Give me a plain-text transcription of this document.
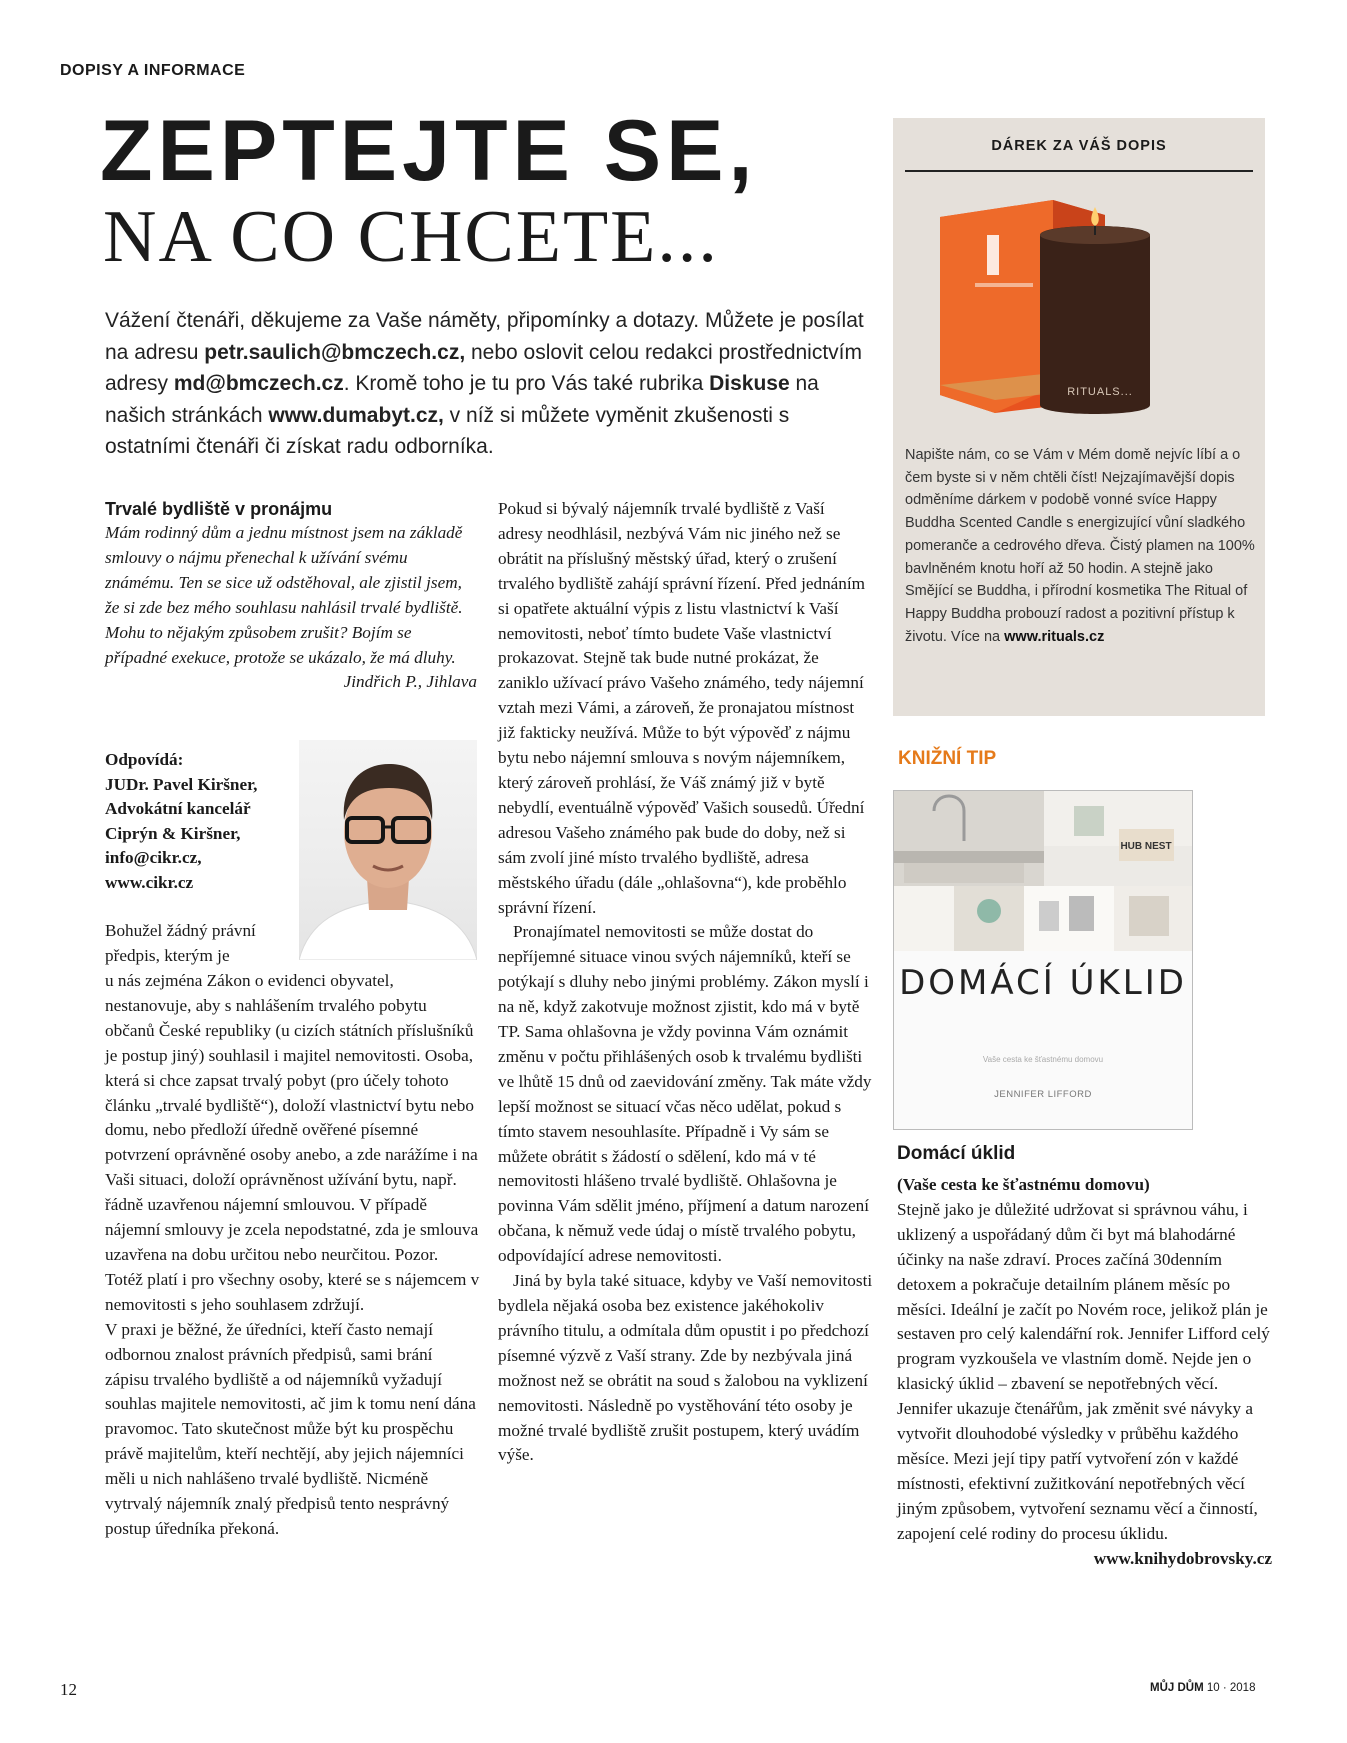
DOPISY A INFORMACE
ZEPTEJTE SE,
NA CO CHCETE...
Vážení čtenáři, děkujeme za Vaše náměty, připomínky a dotazy. Můžete je posílat na adresu petr.saulich@bmczech.cz, nebo oslovit celou redakci prostřednictvím adresy md@bmczech.cz. Kromě toho je tu pro Vás také rubrika Diskuse na našich stránkách www.dumabyt.cz, v níž si můžete vyměnit zkušenosti s ostatními čtenáři či získat radu odborníka.

Trvalé bydliště v pronájmu

Mám rodinný dům a jednu místnost jsem na základě smlouvy o nájmu přenechal k užívání svému známému. Ten se sice už odstěhoval, ale zjistil jsem, že si zde bez mého souhlasu nahlásil trvalé bydliště. Mohu to nějakým způsobem zrušit? Bojím se případné exekuce, protože se ukázalo, že má dluhy.

Jindřich P., Jihlava

Odpovídá:

JUDr. Pavel Kiršner,

Advokátní kancelář

Ciprýn & Kiršner,

info@cikr.cz,

www.cikr.cz

Bohužel žádný právní předpis, kterým je

u nás zejména Zákon o evidenci obyvatel, nestanovuje, aby s nahlášením trvalého pobytu občanů České republiky (u cizích státních příslušníků je postup jiný) souhlasil i majitel nemovitosti. Osoba, která si chce zapsat trvalý pobyt (pro účely tohoto článku „trvalé bydliště“), doloží vlastnictví bytu nebo domu, nebo předloží úředně ověřené písemné potvrzení oprávněné osoby anebo, a zde narážíme i na Vaši situaci, doloží oprávněnost užívání bytu, např. řádně uzavřenou nájemní smlouvou. V případě nájemní smlouvy je zcela nepodstatné, zda je smlouva uzavřena na dobu určitou nebo neurčitou. Pozor. Totéž platí i pro všechny osoby, které se s nájemcem v nemovitosti s jeho souhlasem zdržují.

V praxi je běžné, že úředníci, kteří často nemají odbornou znalost právních předpisů, sami brání zápisu trvalého bydliště a od nájemníků vyžadují souhlas majitele nemovitosti, ač jim k tomu není dána pravomoc. Tato skutečnost může být ku prospěchu právě majitelům, kteří nechtějí, aby jejich nájemníci měli u nich nahlášeno trvalé bydliště. Nicméně vytrvalý nájemník znalý předpisů tento nesprávný postup úředníka překoná.

Pokud si bývalý nájemník trvalé bydliště z Vaší adresy neodhlásil, nezbývá Vám nic jiného než se obrátit na příslušný městský úřad, který o zrušení trvalého bydliště zahájí správní řízení. Před jednáním si opatřete aktuální výpis z listu vlastnictví k Vaší nemovitosti, neboť tímto budete Vaše vlastnictví prokazovat. Stejně tak bude nutné prokázat, že zaniklo užívací právo Vašeho známého, tedy nájemní vztah mezi Vámi, a zároveň, že pronajatou místnost již fakticky neužívá. Může to být výpověď z nájmu bytu nebo nájemní smlouva s novým nájemníkem, který zároveň prohlásí, že Váš známý již v bytě nebydlí, eventuálně výpověď Vašich sousedů. Úřední adresou Vašeho známého pak bude do doby, než si sám zvolí jiné místo trvalého bydliště, adresa městského úřadu (dále „ohlašovna“), kde proběhlo správní řízení.

Pronajímatel nemovitosti se může dostat do nepříjemné situace vinou svých nájemníků, kteří se potýkají s dluhy nebo jinými problémy. Zákon myslí i na ně, když zakotvuje možnost zjistit, kdo má v bytě TP. Sama ohlašovna je vždy povinna Vám oznámit změnu v počtu přihlášených osob k trvalému bydlišti ve lhůtě 15 dnů od zaevidování změny. Tak máte vždy lepší možnost se situací včas něco udělat, pokud s tímto stavem nesouhlasíte. Případně i Vy sám se můžete obrátit s žádostí o sdělení, kdo má v té nemovitosti hlášeno trvalé bydliště. Ohlašovna je povinna Vám sdělit jméno, příjmení a datum narození občana, k němuž vede údaj o místě trvalého pobytu, odpovídající adrese nemovitosti.

Jiná by byla také situace, kdyby ve Vaší nemovitosti bydlela nějaká osoba bez existence jakéhokoliv právního titulu, a odmítala dům opustit i po předchozí písemné výzvě z Vaší strany. Zde by nezbývala jiná možnost než se obrátit na soud s žalobou na vyklizení nemovitosti. Následně po vystěhování této osoby je možné trvalé bydliště zrušit postupem, který uvádím výše.

DÁREK ZA VÁŠ DOPIS
RITUALS...
Napište nám, co se Vám v Mém domě nejvíc líbí a o čem byste si v něm chtěli číst! Nejzajímavější dopis odměníme dárkem v podobě vonné svíce Happy Buddha Scented Candle s energizující vůní sladkého pomeranče a cedrového dřeva. Čistý plamen na 100% bavlněném knotu hoří až 50 hodin. A stejně jako Smějící se Buddha, i přírodní kosmetika The Ritual of Happy Buddha probouzí radost a pozitivní přístup k životu. Více na www.rituals.cz
KNIŽNÍ TIP
HUB NEST
DOMÁCÍ ÚKLID
Vaše cesta ke šťastnému domovu
JENNIFER LIFFORD
Domácí úklid

(Vaše cesta ke šťastnému domovu)

Stejně jako je důležité udržovat si správnou váhu, i uklizený a uspořádaný dům či byt má blahodárné účinky na naše zdraví. Proces začíná 30denním detoxem a pokračuje detailním plánem měsíc po měsíci. Ideální je začít po Novém roce, jelikož plán je sestaven pro celý kalendářní rok. Jennifer Lifford celý program vyzkoušela ve vlastním domě. Nejde jen o klasický úklid – zbavení se nepotřebných věcí. Jennifer ukazuje čtenářům, jak změnit své návyky a vytvořit dlouhodobé výsledky v průběhu každého měsíce. Mezi její tipy patří vytvoření zón v každé místnosti, efektivní zužitkování nepotřebných věcí jiným způsobem, vytvoření seznamu věcí a činností, zapojení celé rodiny do procesu úklidu.

www.knihydobrovsky.cz

12	MŮJ DŮM 10 · 2018
